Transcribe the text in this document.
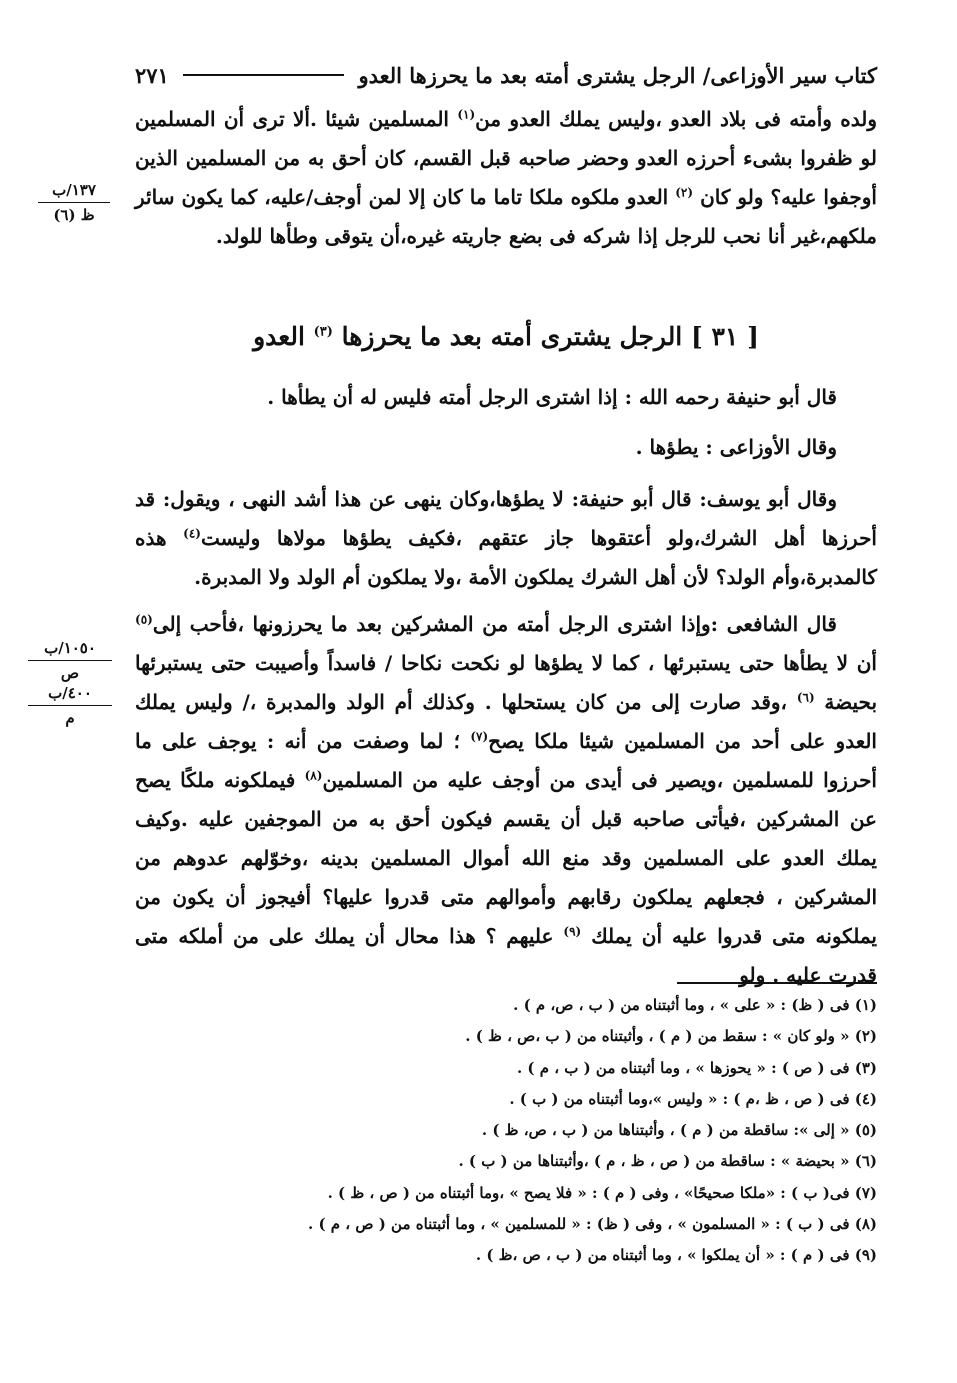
كتاب سير الأوزاعى/ الرجل يشترى أمته بعد ما يحرزها العدو
٢٧١
ولده وأمته فى بلاد العدو ،وليس يملك العدو من$^{(١)}$ المسلمين شيئا .ألا ترى أن المسلمين لو ظفروا بشىء أحرزه العدو وحضر صاحبه قبل القسم، كان أحق به من المسلمين الذين أوجفوا عليه؟ ولو كان $^{(٢)}$ العدو ملكوه ملكا تاما ما كان إلا لمن أوجف/عليه، كما يكون سائر ملكهم،غير أنا نحب للرجل إذا شركه فى بضع جاريته غيره،أن يتوقى وطأها للولد.
١٣٧/ب
ظ (٦)
[ ٣١ ] الرجل يشترى أمته بعد ما يحرزها $^{(٣)}$ العدو
قال أبو حنيفة رحمه الله : إذا اشترى الرجل أمته فليس له أن يطأها .
وقال الأوزاعى : يطؤها .
وقال أبو يوسف: قال أبو حنيفة: لا يطؤها،وكان ينهى عن هذا أشد النهى ، ويقول: قد أحرزها أهل الشرك،ولو أعتقوها جاز عتقهم ،فكيف يطؤها مولاها وليست$^{(٤)}$ هذه كالمدبرة،وأم الولد؟ لأن أهل الشرك يملكون الأمة ،ولا يملكون أم الولد ولا المدبرة.
قال الشافعى :وإذا اشترى الرجل أمته من المشركين بعد ما يحرزونها ،فأحب إلى$^{(٥)}$ أن لا يطأها حتى يستبرئها ، كما لا يطؤها لو نكحت نكاحا / فاسداً وأصيبت حتى يستبرئها بحيضة $^{(٦)}$ ،وقد صارت إلى من كان يستحلها . وكذلك أم الولد والمدبرة ،/ وليس يملك العدو على أحد من المسلمين شيئا ملكا يصح$^{(٧)}$ ؛ لما وصفت من أنه : يوجف على ما أحرزوا للمسلمين ،ويصير فى أيدى من أوجف عليه من المسلمين$^{(٨)}$ فيملكونه ملكًا يصح عن المشركين ،فيأتى صاحبه قبل أن يقسم فيكون أحق به من الموجفين عليه .وكيف يملك العدو على المسلمين وقد منع الله أموال المسلمين بدينه ،وخوّلهم عدوهم من المشركين ، فجعلهم يملكون رقابهم وأموالهم متى قدروا عليها؟ أفيجوز أن يكون من يملكونه متى قدروا عليه أن يملك $^{(٩)}$ عليهم ؟ هذا محال أن يملك على من أملكه متى قدرت عليه . ولو
١٠٥٠/ب
ص
٤٠٠/ب
م
(١) فى ( ظ) : « على » ، وما أثبتناه من ( ب ، ص، م ) .
(٢) « ولو كان » : سقط من ( م ) ، وأثبتناه من ( ب ،ص ، ظ ) .
(٣) فى ( ص ) : « يحوزها » ، وما أثبتناه من ( ب ، م ) .
(٤) فى ( ص ، ظ ،م ) : « وليس »،وما أثبتناه من ( ب ) .
(٥) « إلى »: ساقطة من ( م ) ، وأثبتناها من ( ب ، ص، ظ ) .
(٦) « بحيضة » : ساقطة من ( ص ، ظ ، م ) ،وأثبتناها من ( ب ) .
(٧) فى( ب ) : «ملكا صحيحًا» ، وفى ( م ) : « فلا يصح » ،وما أثبتناه من ( ص ، ظ ) .
(٨) فى ( ب ) : « المسلمون » ، وفى ( ظ) : « للمسلمين » ، وما أثبتناه من ( ص ، م ) .
(٩) فى ( م ) : « أن يملكوا » ، وما أثبتناه من ( ب ، ص ،ظ ) .
